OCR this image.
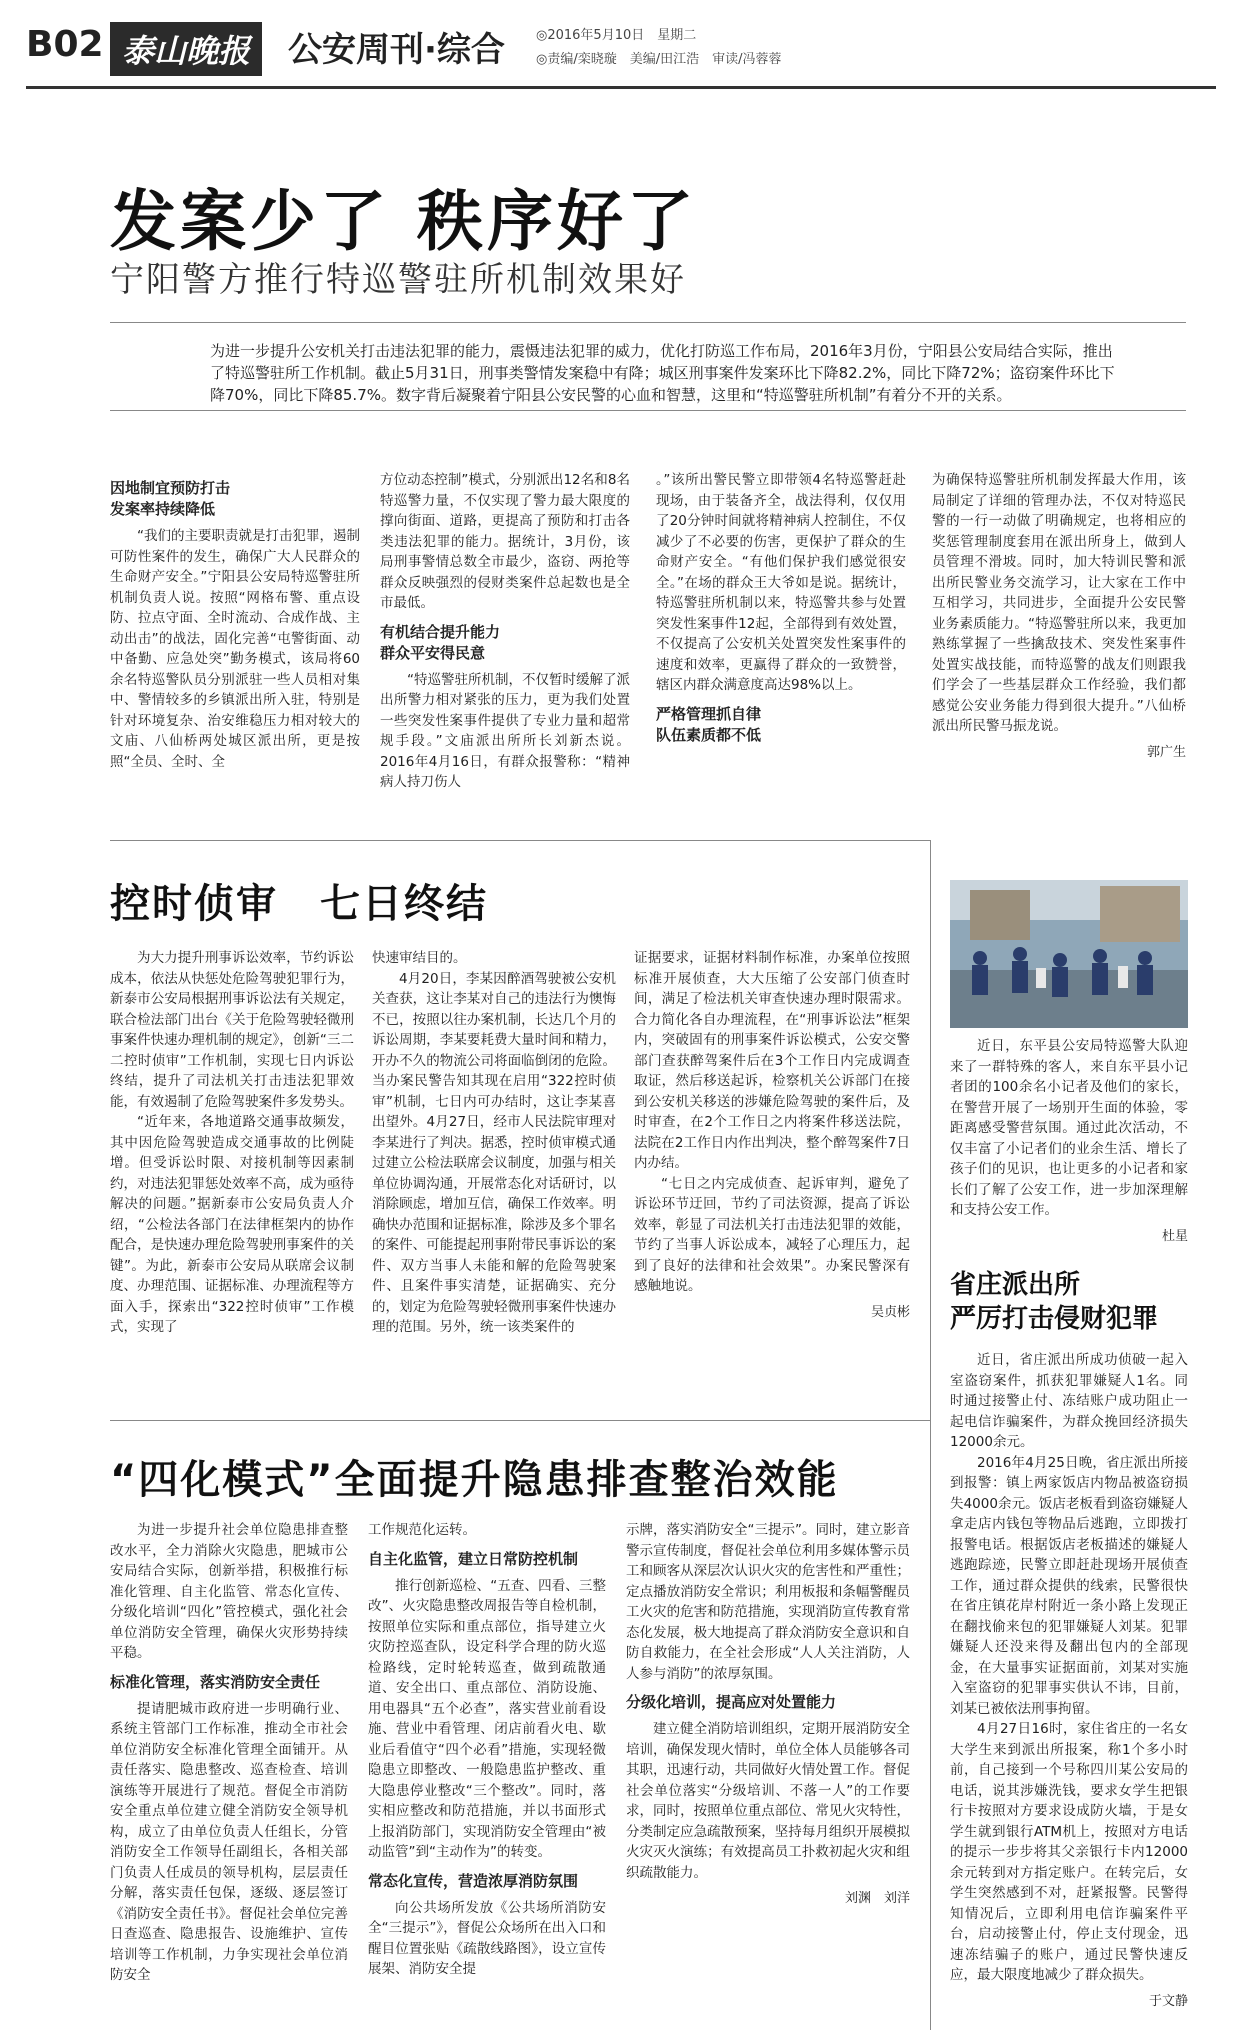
B02 泰山晚报	公安周刊·综合 ◎2016年5月10日　星期二
◎责编/栾晓璇　美编/田江浩　审读/冯蓉蓉
发案少了 秩序好了
宁阳警方推行特巡警驻所机制效果好
为进一步提升公安机关打击违法犯罪的能力，震慑违法犯罪的威力，优化打防巡工作布局，2016年3月份，宁阳县公安局结合实际，推出了特巡警驻所工作机制。截止5月31日，刑事类警情发案稳中有降；城区刑事案件发案环比下降82.2%，同比下降72%；盗窃案件环比下降70%，同比下降85.7%。数字背后凝聚着宁阳县公安民警的心血和智慧，这里和“特巡警驻所机制”有着分不开的关系。
因地制宜预防打击
发案率持续降低

“我们的主要职责就是打击犯罪，遏制可防性案件的发生，确保广大人民群众的生命财产安全。”宁阳县公安局特巡警驻所机制负责人说。按照“网格布警、重点设防、拉点守面、全时流动、合成作战、主动出击”的战法，固化完善“屯警街面、动中备勤、应急处突”勤务模式，该局将60余名特巡警队员分别派驻一些人员相对集中、警情较多的乡镇派出所入驻，特别是针对环境复杂、治安维稳压力相对较大的文庙、八仙桥两处城区派出所，更是按照“全员、全时、全

方位动态控制”模式，分别派出12名和8名特巡警力量，不仅实现了警力最大限度的撑向街面、道路，更提高了预防和打击各类违法犯罪的能力。据统计，3月份，该局刑事警情总数全市最少，盗窃、两抢等群众反映强烈的侵财类案件总起数也是全市最低。

有机结合提升能力
群众平安得民意

“特巡警驻所机制，不仅暂时缓解了派出所警力相对紧张的压力，更为我们处置一些突发性案事件提供了专业力量和超常规手段。”文庙派出所所长刘新杰说。2016年4月16日，有群众报警称：“精神病人持刀伤人

。”该所出警民警立即带领4名特巡警赶赴现场，由于装备齐全，战法得利，仅仅用了20分钟时间就将精神病人控制住，不仅减少了不必要的伤害，更保护了群众的生命财产安全。“有他们保护我们感觉很安全。”在场的群众王大爷如是说。据统计，特巡警驻所机制以来，特巡警共参与处置突发性案事件12起，全部得到有效处置，不仅提高了公安机关处置突发性案事件的速度和效率，更赢得了群众的一致赞誉，辖区内群众满意度高达98%以上。

严格管理抓自律
队伍素质都不低

为确保特巡警驻所机制发挥最大作用，该局制定了详细的管理办法，不仅对特巡民警的一行一动做了明确规定，也将相应的奖惩管理制度套用在派出所身上，做到人员管理不滑坡。同时，加大特训民警和派出所民警业务交流学习，让大家在工作中互相学习，共同进步，全面提升公安民警业务素质能力。“特巡警驻所以来，我更加熟练掌握了一些擒敌技术、突发性案事件处置实战技能，而特巡警的战友们则跟我们学会了一些基层群众工作经验，我们都感觉公安业务能力得到很大提升。”八仙桥派出所民警马振龙说。

郭广生
控时侦审　七日终结

为大力提升刑事诉讼效率，节约诉讼成本，依法从快惩处危险驾驶犯罪行为，新泰市公安局根据刑事诉讼法有关规定，联合检法部门出台《关于危险驾驶轻微刑事案件快速办理机制的规定》，创新“三二二控时侦审”工作机制，实现七日内诉讼终结，提升了司法机关打击违法犯罪效能，有效遏制了危险驾驶案件多发势头。

“近年来，各地道路交通事故频发，其中因危险驾驶造成交通事故的比例陡增。但受诉讼时限、对接机制等因素制约，对违法犯罪惩处效率不高，成为亟待解决的问题。”据新泰市公安局负责人介绍，“公检法各部门在法律框架内的协作配合，是快速办理危险驾驶刑事案件的关键”。为此，新泰市公安局从联席会议制度、办理范围、证据标准、办理流程等方面入手，探索出“322控时侦审”工作模式，实现了

快速审结目的。

4月20日，李某因醉酒驾驶被公安机关查获，这让李某对自己的违法行为懊悔不已，按照以往办案机制，长达几个月的诉讼周期，李某要耗费大量时间和精力，开办不久的物流公司将面临倒闭的危险。当办案民警告知其现在启用“322控时侦审”机制，七日内可办结时，这让李某喜出望外。4月27日，经市人民法院审理对李某进行了判决。据悉，控时侦审模式通过建立公检法联席会议制度，加强与相关单位协调沟通，开展常态化对话研讨，以消除顾虑，增加互信，确保工作效率。明确快办范围和证据标准，除涉及多个罪名的案件、可能提起刑事附带民事诉讼的案件、双方当事人未能和解的危险驾驶案件、且案件事实清楚，证据确实、充分的，划定为危险驾驶轻微刑事案件快速办理的范围。另外，统一该类案件的

证据要求，证据材料制作标准，办案单位按照标准开展侦查，大大压缩了公安部门侦查时间，满足了检法机关审查快速办理时限需求。合力简化各自办理流程，在“刑事诉讼法”框架内，突破固有的刑事案件诉讼模式，公安交警部门查获醉驾案件后在3个工作日内完成调查取证，然后移送起诉，检察机关公诉部门在接到公安机关移送的涉嫌危险驾驶的案件后，及时审查，在2个工作日之内将案件移送法院，法院在2工作日内作出判决，整个醉驾案件7日内办结。

“七日之内完成侦查、起诉审判，避免了诉讼环节迂回，节约了司法资源，提高了诉讼效率，彰显了司法机关打击违法犯罪的效能，节约了当事人诉讼成本，减轻了心理压力，起到了良好的法律和社会效果”。办案民警深有感触地说。

吴贞彬

近日，东平县公安局特巡警大队迎来了一群特殊的客人，来自东平县小记者团的100余名小记者及他们的家长，在警营开展了一场别开生面的体验，零距离感受警营氛围。通过此次活动，不仅丰富了小记者们的业余生活、增长了孩子们的见识，也让更多的小记者和家长们了解了公安工作，进一步加深理解和支持公安工作。

杜星
省庄派出所
严厉打击侵财犯罪

近日，省庄派出所成功侦破一起入室盗窃案件，抓获犯罪嫌疑人1名。同时通过接警止付、冻结账户成功阻止一起电信诈骗案件，为群众挽回经济损失12000余元。

2016年4月25日晚，省庄派出所接到报警：镇上两家饭店内物品被盗窃损失4000余元。饭店老板看到盗窃嫌疑人拿走店内钱包等物品后逃跑，立即拨打报警电话。根据饭店老板描述的嫌疑人逃跑踪迹，民警立即赶赴现场开展侦查工作，通过群众提供的线索，民警很快在省庄镇花岸村附近一条小路上发现正在翻找偷来包的犯罪嫌疑人刘某。犯罪嫌疑人还没来得及翻出包内的全部现金，在大量事实证据面前，刘某对实施入室盗窃的犯罪事实供认不讳，目前，刘某已被依法刑事拘留。

4月27日16时，家住省庄的一名女大学生来到派出所报案，称1个多小时前，自己接到一个号称四川某公安局的电话，说其涉嫌洗钱，要求女学生把银行卡按照对方要求设成防火墙，于是女学生就到银行ATM机上，按照对方电话的提示一步步将其父亲银行卡内12000余元转到对方指定账户。在转完后，女学生突然感到不对，赶紧报警。民警得知情况后，立即利用电信诈骗案件平台，启动接警止付，停止支付现金，迅速冻结骗子的账户，通过民警快速反应，最大限度地减少了群众损失。

于文静
“四化模式”全面提升隐患排查整治效能

为进一步提升社会单位隐患排查整改水平，全力消除火灾隐患，肥城市公安局结合实际，创新举措，积极推行标准化管理、自主化监管、常态化宣传、分级化培训“四化”管控模式，强化社会单位消防安全管理，确保火灾形势持续平稳。

标准化管理，落实消防安全责任

提请肥城市政府进一步明确行业、系统主管部门工作标准，推动全市社会单位消防安全标准化管理全面铺开。从责任落实、隐患整改、巡查检查、培训演练等开展进行了规范。督促全市消防安全重点单位建立健全消防安全领导机构，成立了由单位负责人任组长，分管消防安全工作领导任副组长，各相关部门负责人任成员的领导机构，层层责任分解，落实责任包保，逐级、逐层签订《消防安全责任书》。督促社会单位完善日查巡查、隐患报告、设施维护、宣传培训等工作机制，力争实现社会单位消防安全

工作规范化运转。

自主化监管，建立日常防控机制

推行创新巡检、“五查、四看、三整改”、火灾隐患整改周报告等自检机制，按照单位实际和重点部位，指导建立火灾防控巡查队，设定科学合理的防火巡检路线，定时轮转巡查，做到疏散通道、安全出口、重点部位、消防设施、用电器具“五个必查”，落实营业前看设施、营业中看管理、闭店前看火电、歇业后看值守“四个必看”措施，实现轻微隐患立即整改、一般隐患监护整改、重大隐患停业整改“三个整改”。同时，落实相应整改和防范措施，并以书面形式上报消防部门，实现消防安全管理由“被动监管”到“主动作为”的转变。

常态化宣传，营造浓厚消防氛围

向公共场所发放《公共场所消防安全“三提示”》，督促公众场所在出入口和醒目位置张贴《疏散线路图》，设立宣传展架、消防安全提

示牌，落实消防安全“三提示”。同时，建立影音警示宣传制度，督促社会单位利用多媒体警示员工和顾客从深层次认识火灾的危害性和严重性；定点播放消防安全常识；利用板报和条幅警醒员工火灾的危害和防范措施，实现消防宣传教育常态化发展，极大地提高了群众消防安全意识和自防自救能力，在全社会形成“人人关注消防，人人参与消防”的浓厚氛围。

分级化培训，提高应对处置能力

建立健全消防培训组织，定期开展消防安全培训，确保发现火情时，单位全体人员能够各司其职，迅速行动，共同做好火情处置工作。督促社会单位落实“分级培训、不落一人”的工作要求，同时，按照单位重点部位、常见火灾特性，分类制定应急疏散预案，坚持每月组织开展模拟火灾灭火演练；有效提高员工扑救初起火灾和组织疏散能力。

刘渊　刘洋
